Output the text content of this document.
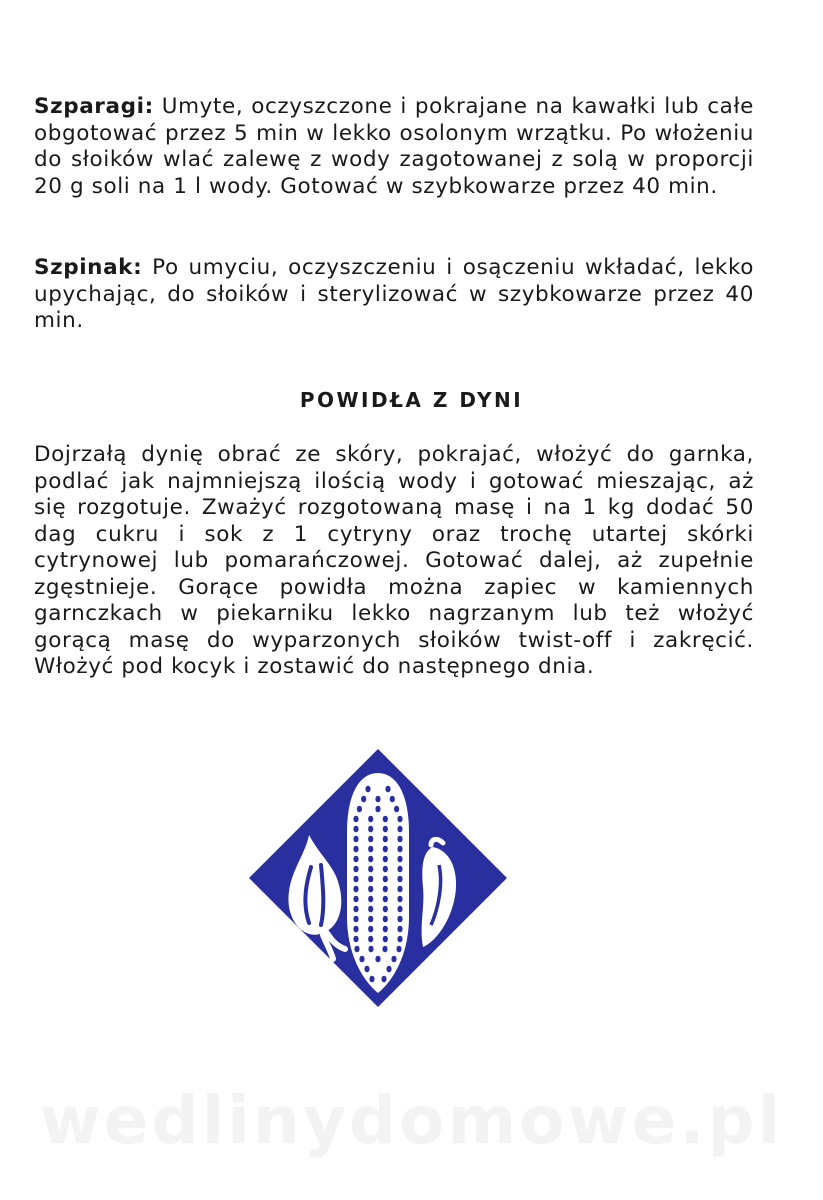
Szparagi: Umyte, oczyszczone i pokrajane na kawałki lub całe obgotować przez 5 min w lekko osolonym wrzątku. Po włożeniu do słoików wlać zalewę z wody zagotowanej z solą w proporcji 20 g soli na 1 l wody. Gotować w szybkowarze przez 40 min.

Szpinak: Po umyciu, oczyszczeniu i osączeniu wkładać, lekko upychając, do słoików i sterylizować w szybkowarze przez 40 min.

POWIDŁA Z DYNI

Dojrzałą dynię obrać ze skóry, pokrajać, włożyć do garnka, podlać jak najmniejszą ilością wody i gotować mieszając, aż się rozgotuje. Zważyć rozgotowaną masę i na 1 kg dodać 50 dag cukru i sok z 1 cytryny oraz trochę utartej skórki cytrynowej lub pomarańczowej. Gotować dalej, aż zupełnie zgęstnieje. Gorące powidła można zapiec w kamiennych garnczkach w piekarniku lekko nagrzanym lub też włożyć gorącą masę do wyparzonych słoików twist-off i zakręcić. Włożyć pod kocyk i zostawić do następnego dnia.

wedlinydomowe.pl
